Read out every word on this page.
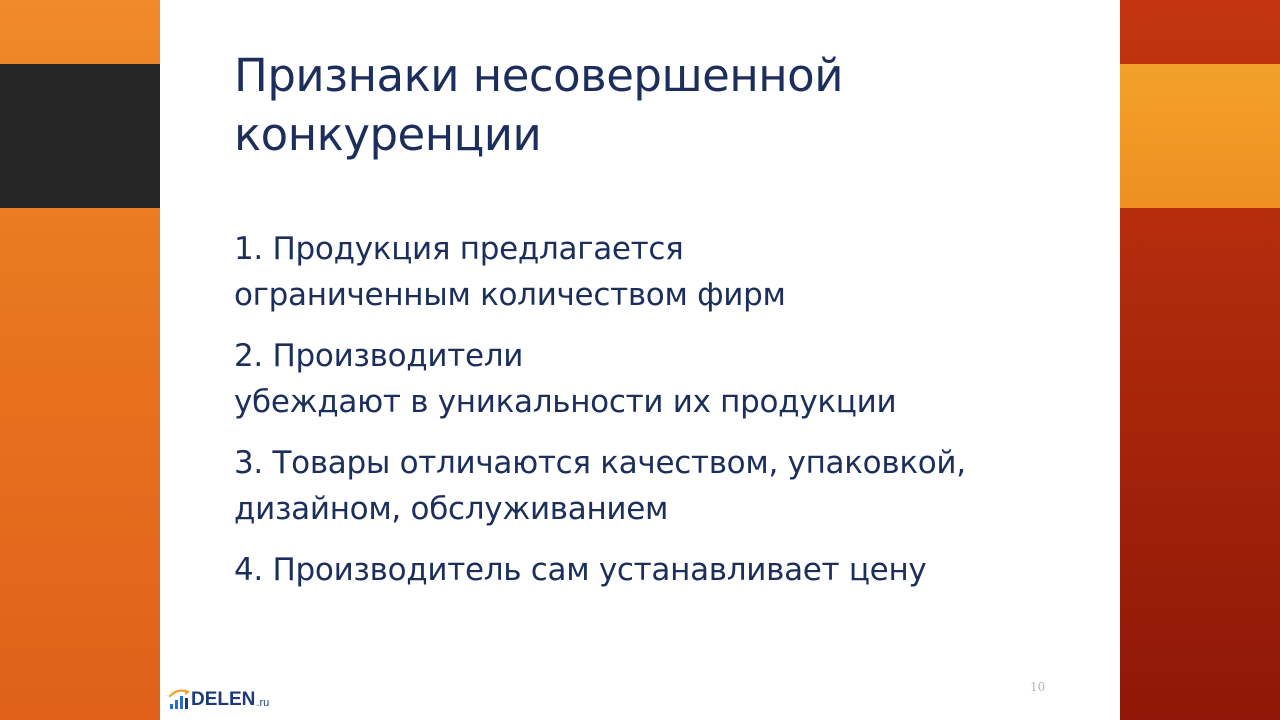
Признаки несовершенной
конкуренции
1. Продукция предлагается
ограниченным количеством фирм
2. Производители
убеждают в уникальности их продукции
3. Товары отличаются качеством, упаковкой,
дизайном, обслуживанием
4. Производитель сам устанавливает цену
10
DELEN .ru
